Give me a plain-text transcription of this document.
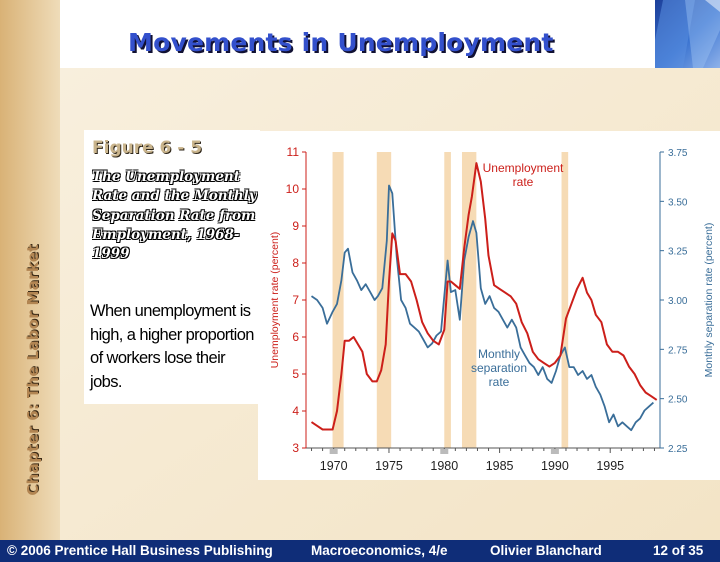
Movements in Unemployment
Chapter 6: The Labor Market
Figure 6 - 5
The Unemployment Rate and the Monthly Separation Rate from Employment, 1968-1999
When unemployment is high, a higher proportion of workers lose their jobs.
1970 1975 1980 1985 1990 1995
3
4
5
6
7
8
9
10
11
2.25
2.50
2.75
3.00
3.25
3.50
3.75
Unemployment rate (percent)	Monthly separation rate (percent)
Unemployment
rate
Monthly
separation
rate
© 2006 Prentice Hall Business Publishing	Macroeconomics, 4/e	Olivier Blanchard	12 of 35
